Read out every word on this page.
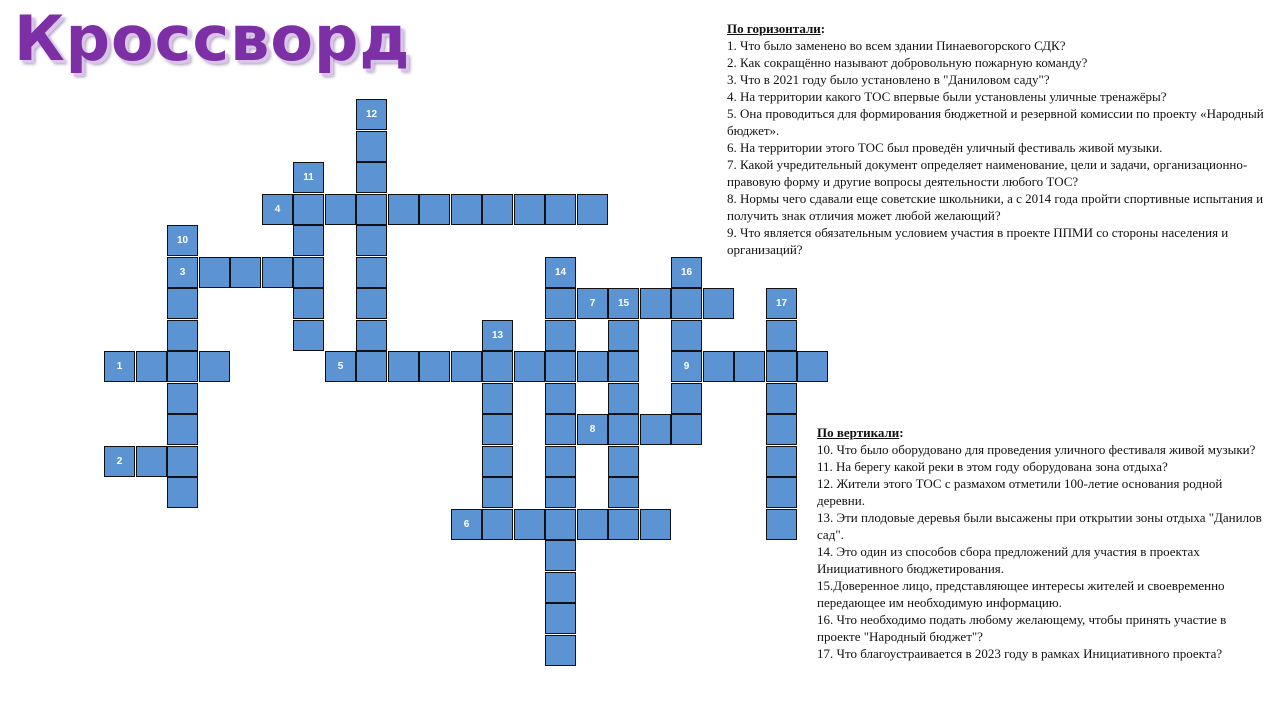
Кроссворд
1
2
3
4
5
6
7 15
8
9
10
11
12
13
14	16
17
По горизонтали:

1. Что было заменено во всем здании Пинаевогорского СДК?

2. Как сокращённо называют добровольную пожарную команду?

3. Что в 2021 году было установлено в "Даниловом саду"?

4. На территории какого ТОС впервые были установлены уличные тренажёры?

5. Она проводиться для формирования бюджетной и резервной комиссии по проекту «Народный бюджет».

6. На территории этого ТОС был проведён уличный фестиваль живой музыки.

7. Какой учредительный документ определяет наименование, цели и задачи, организационно-правовую форму и другие вопросы деятельности любого ТОС?

8. Нормы чего сдавали еще советские школьники, а с 2014 года пройти спортивные испытания и получить знак отличия может любой желающий?

9. Что является обязательным условием участия в проекте ППМИ со стороны населения и организаций?

По вертикали:

10. Что было оборудовано для проведения уличного фестиваля живой музыки?

11. На берегу какой реки в этом году оборудована зона отдыха?

12. Жители этого ТОС с размахом отметили 100-летие основания родной деревни.

13. Эти плодовые деревья были высажены при открытии зоны отдыха "Данилов сад".

14. Это один из способов сбора предложений для участия в проектах Инициативного бюджетирования.

15.Доверенное лицо, представляющее интересы жителей и своевременно передающее им необходимую информацию.

16. Что необходимо подать любому желающему, чтобы принять участие в проекте "Народный бюджет"?

17. Что благоустраивается в 2023 году в рамках Инициативного проекта?
